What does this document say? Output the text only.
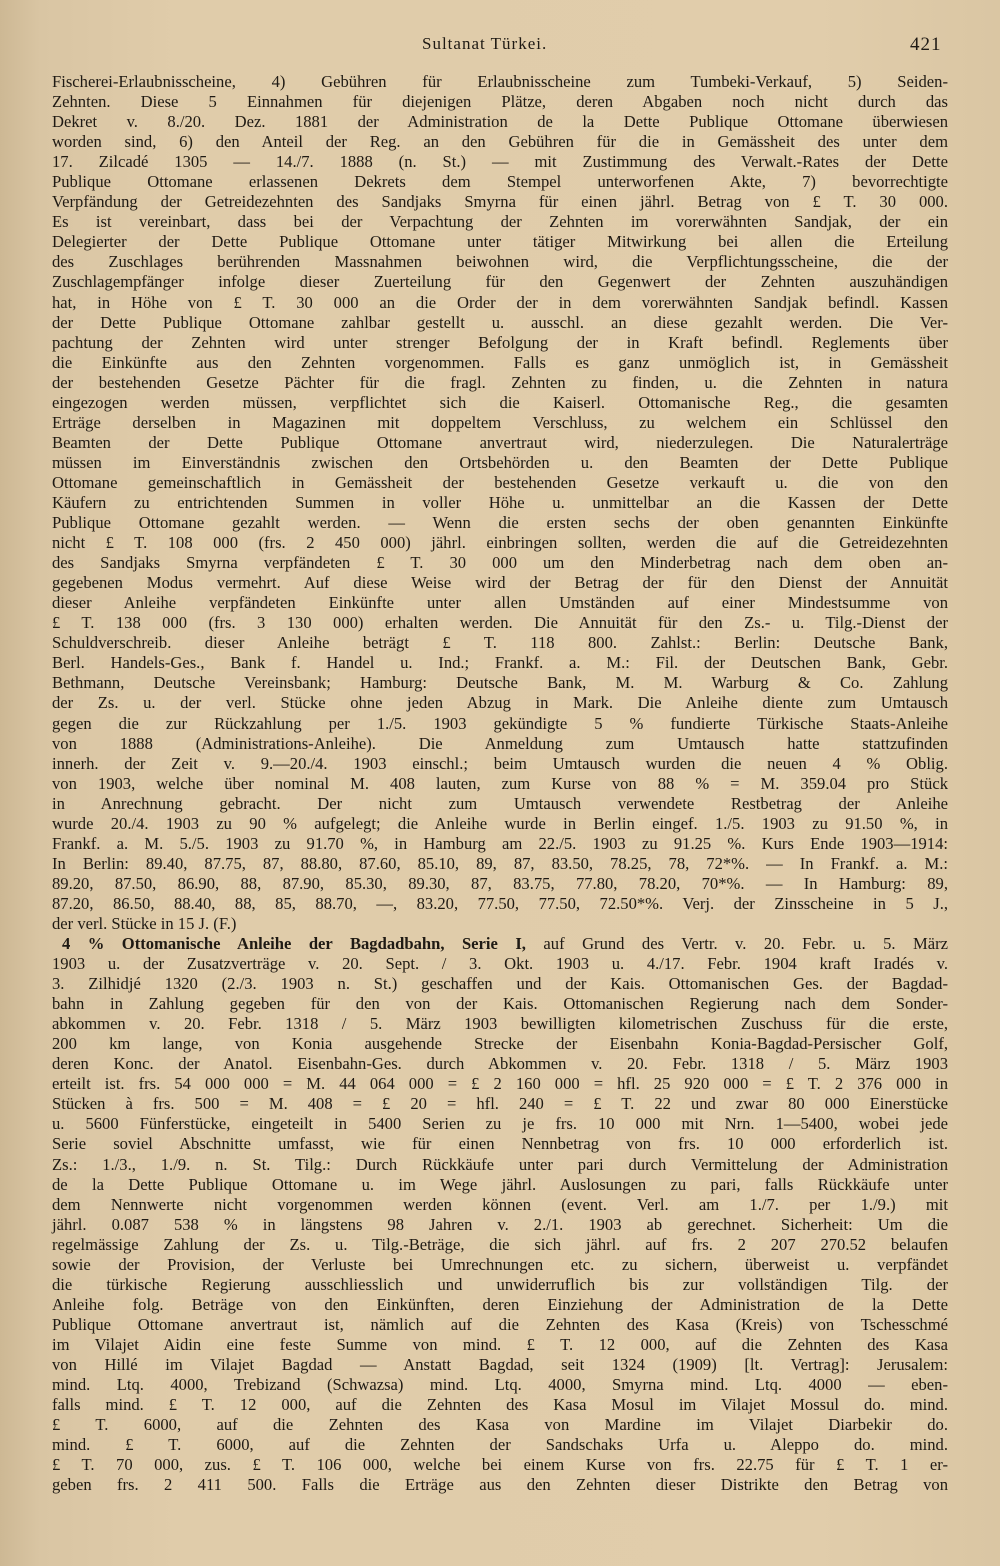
Sultanat Türkei.	421
Fischerei-Erlaubnisscheine, 4) Gebühren für Erlaubnisscheine zum Tumbeki-Verkauf, 5) Seiden-
Zehnten. Diese 5 Einnahmen für diejenigen Plätze, deren Abgaben noch nicht durch das
Dekret v. 8./20. Dez. 1881 der Administration de la Dette Publique Ottomane überwiesen
worden sind, 6) den Anteil der Reg. an den Gebühren für die in Gemässheit des unter dem
17. Zilcadé 1305 — 14./7. 1888 (n. St.) — mit Zustimmung des Verwalt.-Rates der Dette
Publique Ottomane erlassenen Dekrets dem Stempel unterworfenen Akte, 7) bevorrechtigte
Verpfändung der Getreidezehnten des Sandjaks Smyrna für einen jährl. Betrag von £ T. 30 000.
Es ist vereinbart, dass bei der Verpachtung der Zehnten im vorerwähnten Sandjak, der ein
Delegierter der Dette Publique Ottomane unter tätiger Mitwirkung bei allen die Erteilung
des Zuschlages berührenden Massnahmen beiwohnen wird, die Verpflichtungsscheine, die der
Zuschlagempfänger infolge dieser Zuerteilung für den Gegenwert der Zehnten auszuhändigen
hat, in Höhe von £ T. 30 000 an die Order der in dem vorerwähnten Sandjak befindl. Kassen
der Dette Publique Ottomane zahlbar gestellt u. ausschl. an diese gezahlt werden. Die Ver-
pachtung der Zehnten wird unter strenger Befolgung der in Kraft befindl. Reglements über
die Einkünfte aus den Zehnten vorgenommen. Falls es ganz unmöglich ist, in Gemässheit
der bestehenden Gesetze Pächter für die fragl. Zehnten zu finden, u. die Zehnten in natura
eingezogen werden müssen, verpflichtet sich die Kaiserl. Ottomanische Reg., die gesamten
Erträge derselben in Magazinen mit doppeltem Verschluss, zu welchem ein Schlüssel den
Beamten der Dette Publique Ottomane anvertraut wird, niederzulegen. Die Naturalerträge
müssen im Einverständnis zwischen den Ortsbehörden u. den Beamten der Dette Publique
Ottomane gemeinschaftlich in Gemässheit der bestehenden Gesetze verkauft u. die von den
Käufern zu entrichtenden Summen in voller Höhe u. unmittelbar an die Kassen der Dette
Publique Ottomane gezahlt werden. — Wenn die ersten sechs der oben genannten Einkünfte
nicht £ T. 108 000 (frs. 2 450 000) jährl. einbringen sollten, werden die auf die Getreidezehnten
des Sandjaks Smyrna verpfändeten £ T. 30 000 um den Minderbetrag nach dem oben an-
gegebenen Modus vermehrt. Auf diese Weise wird der Betrag der für den Dienst der Annuität
dieser Anleihe verpfändeten Einkünfte unter allen Umständen auf einer Mindestsumme von
£ T. 138 000 (frs. 3 130 000) erhalten werden. Die Annuität für den Zs.- u. Tilg.-Dienst der
Schuldverschreib. dieser Anleihe beträgt £ T. 118 800. Zahlst.: Berlin: Deutsche Bank,
Berl. Handels-Ges., Bank f. Handel u. Ind.; Frankf. a. M.: Fil. der Deutschen Bank, Gebr.
Bethmann, Deutsche Vereinsbank; Hamburg: Deutsche Bank, M. M. Warburg & Co. Zahlung
der Zs. u. der verl. Stücke ohne jeden Abzug in Mark. Die Anleihe diente zum Umtausch
gegen die zur Rückzahlung per 1./5. 1903 gekündigte 5 % fundierte Türkische Staats-Anleihe
von 1888 (Administrations-Anleihe). Die Anmeldung zum Umtausch hatte stattzufinden
innerh. der Zeit v. 9.—20./4. 1903 einschl.; beim Umtausch wurden die neuen 4 % Oblig.
von 1903, welche über nominal M. 408 lauten, zum Kurse von 88 % = M. 359.04 pro Stück
in Anrechnung gebracht. Der nicht zum Umtausch verwendete Restbetrag der Anleihe
wurde 20./4. 1903 zu 90 % aufgelegt; die Anleihe wurde in Berlin eingef. 1./5. 1903 zu 91.50 %, in
Frankf. a. M. 5./5. 1903 zu 91.70 %, in Hamburg am 22./5. 1903 zu 91.25 %. Kurs Ende 1903—1914:
In Berlin: 89.40, 87.75, 87, 88.80, 87.60, 85.10, 89, 87, 83.50, 78.25, 78, 72*%. — In Frankf. a. M.:
89.20, 87.50, 86.90, 88, 87.90, 85.30, 89.30, 87, 83.75, 77.80, 78.20, 70*%. — In Hamburg: 89,
87.20, 86.50, 88.40, 88, 85, 88.70, —, 83.20, 77.50, 77.50, 72.50*%. Verj. der Zinsscheine in 5 J.,
der verl. Stücke in 15 J. (F.)
4 % Ottomanische Anleihe der Bagdadbahn, Serie I, auf Grund des Vertr. v. 20. Febr. u. 5. März
1903 u. der Zusatzverträge v. 20. Sept. / 3. Okt. 1903 u. 4./17. Febr. 1904 kraft Iradés v.
3. Zilhidjé 1320 (2./3. 1903 n. St.) geschaffen und der Kais. Ottomanischen Ges. der Bagdad-
bahn in Zahlung gegeben für den von der Kais. Ottomanischen Regierung nach dem Sonder-
abkommen v. 20. Febr. 1318 / 5. März 1903 bewilligten kilometrischen Zuschuss für die erste,
200 km lange, von Konia ausgehende Strecke der Eisenbahn Konia-Bagdad-Persischer Golf,
deren Konc. der Anatol. Eisenbahn-Ges. durch Abkommen v. 20. Febr. 1318 / 5. März 1903
erteilt ist. frs. 54 000 000 = M. 44 064 000 = £ 2 160 000 = hfl. 25 920 000 = £ T. 2 376 000 in
Stücken à frs. 500 = M. 408 = £ 20 = hfl. 240 = £ T. 22 und zwar 80 000 Einerstücke
u. 5600 Fünferstücke, eingeteilt in 5400 Serien zu je frs. 10 000 mit Nrn. 1—5400, wobei jede
Serie soviel Abschnitte umfasst, wie für einen Nennbetrag von frs. 10 000 erforderlich ist.
Zs.: 1./3., 1./9. n. St. Tilg.: Durch Rückkäufe unter pari durch Vermittelung der Administration
de la Dette Publique Ottomane u. im Wege jährl. Auslosungen zu pari, falls Rückkäufe unter
dem Nennwerte nicht vorgenommen werden können (event. Verl. am 1./7. per 1./9.) mit
jährl. 0.087 538 % in längstens 98 Jahren v. 2./1. 1903 ab gerechnet. Sicherheit: Um die
regelmässige Zahlung der Zs. u. Tilg.-Beträge, die sich jährl. auf frs. 2 207 270.52 belaufen
sowie der Provision, der Verluste bei Umrechnungen etc. zu sichern, überweist u. verpfändet
die türkische Regierung ausschliesslich und unwiderruflich bis zur vollständigen Tilg. der
Anleihe folg. Beträge von den Einkünften, deren Einziehung der Administration de la Dette
Publique Ottomane anvertraut ist, nämlich auf die Zehnten des Kasa (Kreis) von Tschesschmé
im Vilajet Aidin eine feste Summe von mind. £ T. 12 000, auf die Zehnten des Kasa
von Hillé im Vilajet Bagdad — Anstatt Bagdad, seit 1324 (1909) [lt. Vertrag]: Jerusalem:
mind. Ltq. 4000, Trebizand (Schwazsa) mind. Ltq. 4000, Smyrna mind. Ltq. 4000 — eben-
falls mind. £ T. 12 000, auf die Zehnten des Kasa Mosul im Vilajet Mossul do. mind.
£ T. 6000, auf die Zehnten des Kasa von Mardine im Vilajet Diarbekir do.
mind. £ T. 6000, auf die Zehnten der Sandschaks Urfa u. Aleppo do. mind.
£ T. 70 000, zus. £ T. 106 000, welche bei einem Kurse von frs. 22.75 für £ T. 1 er-
geben frs. 2 411 500. Falls die Erträge aus den Zehnten dieser Distrikte den Betrag von
